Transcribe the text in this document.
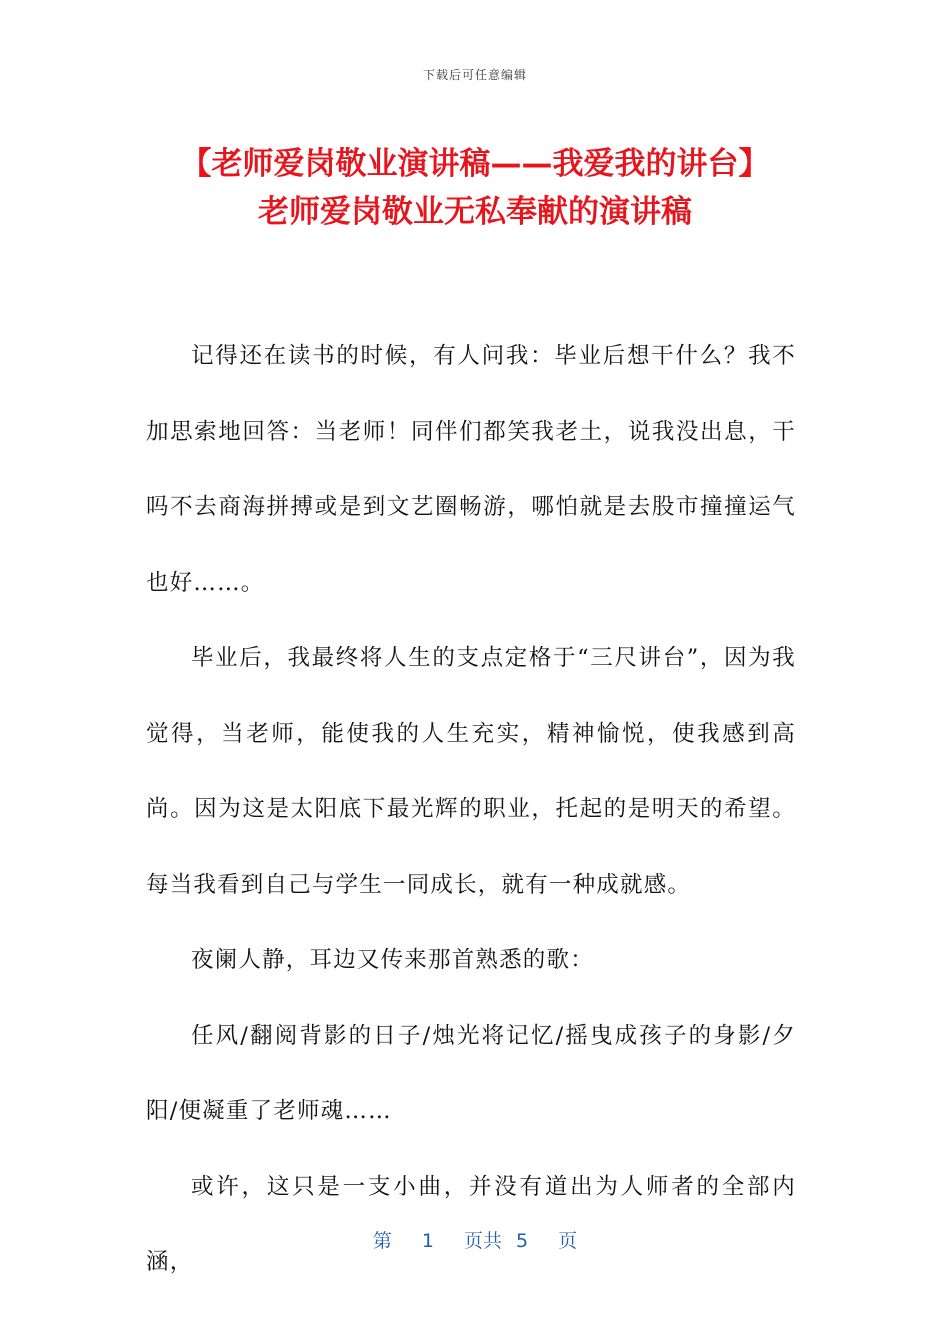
下载后可任意编辑
【老师爱岗敬业演讲稿——我爱我的讲台】
老师爱岗敬业无私奉献的演讲稿

记得还在读书的时候，有人问我：毕业后想干什么？我不加思索地回答：当老师！同伴们都笑我老土，说我没出息，干吗不去商海拼搏或是到文艺圈畅游，哪怕就是去股市撞撞运气也好……。

毕业后，我最终将人生的支点定格于“三尺讲台”，因为我觉得，当老师，能使我的人生充实，精神愉悦，使我感到高尚。因为这是太阳底下最光辉的职业，托起的是明天的希望。每当我看到自己与学生一同成长，就有一种成就感。

夜阑人静，耳边又传来那首熟悉的歌：

任风/翻阅背影的日子/烛光将记忆/摇曳成孩子的身影/夕阳/便凝重了老师魂……

或许，这只是一支小曲，并没有道出为人师者的全部内涵，

第 1 页共 5 页
